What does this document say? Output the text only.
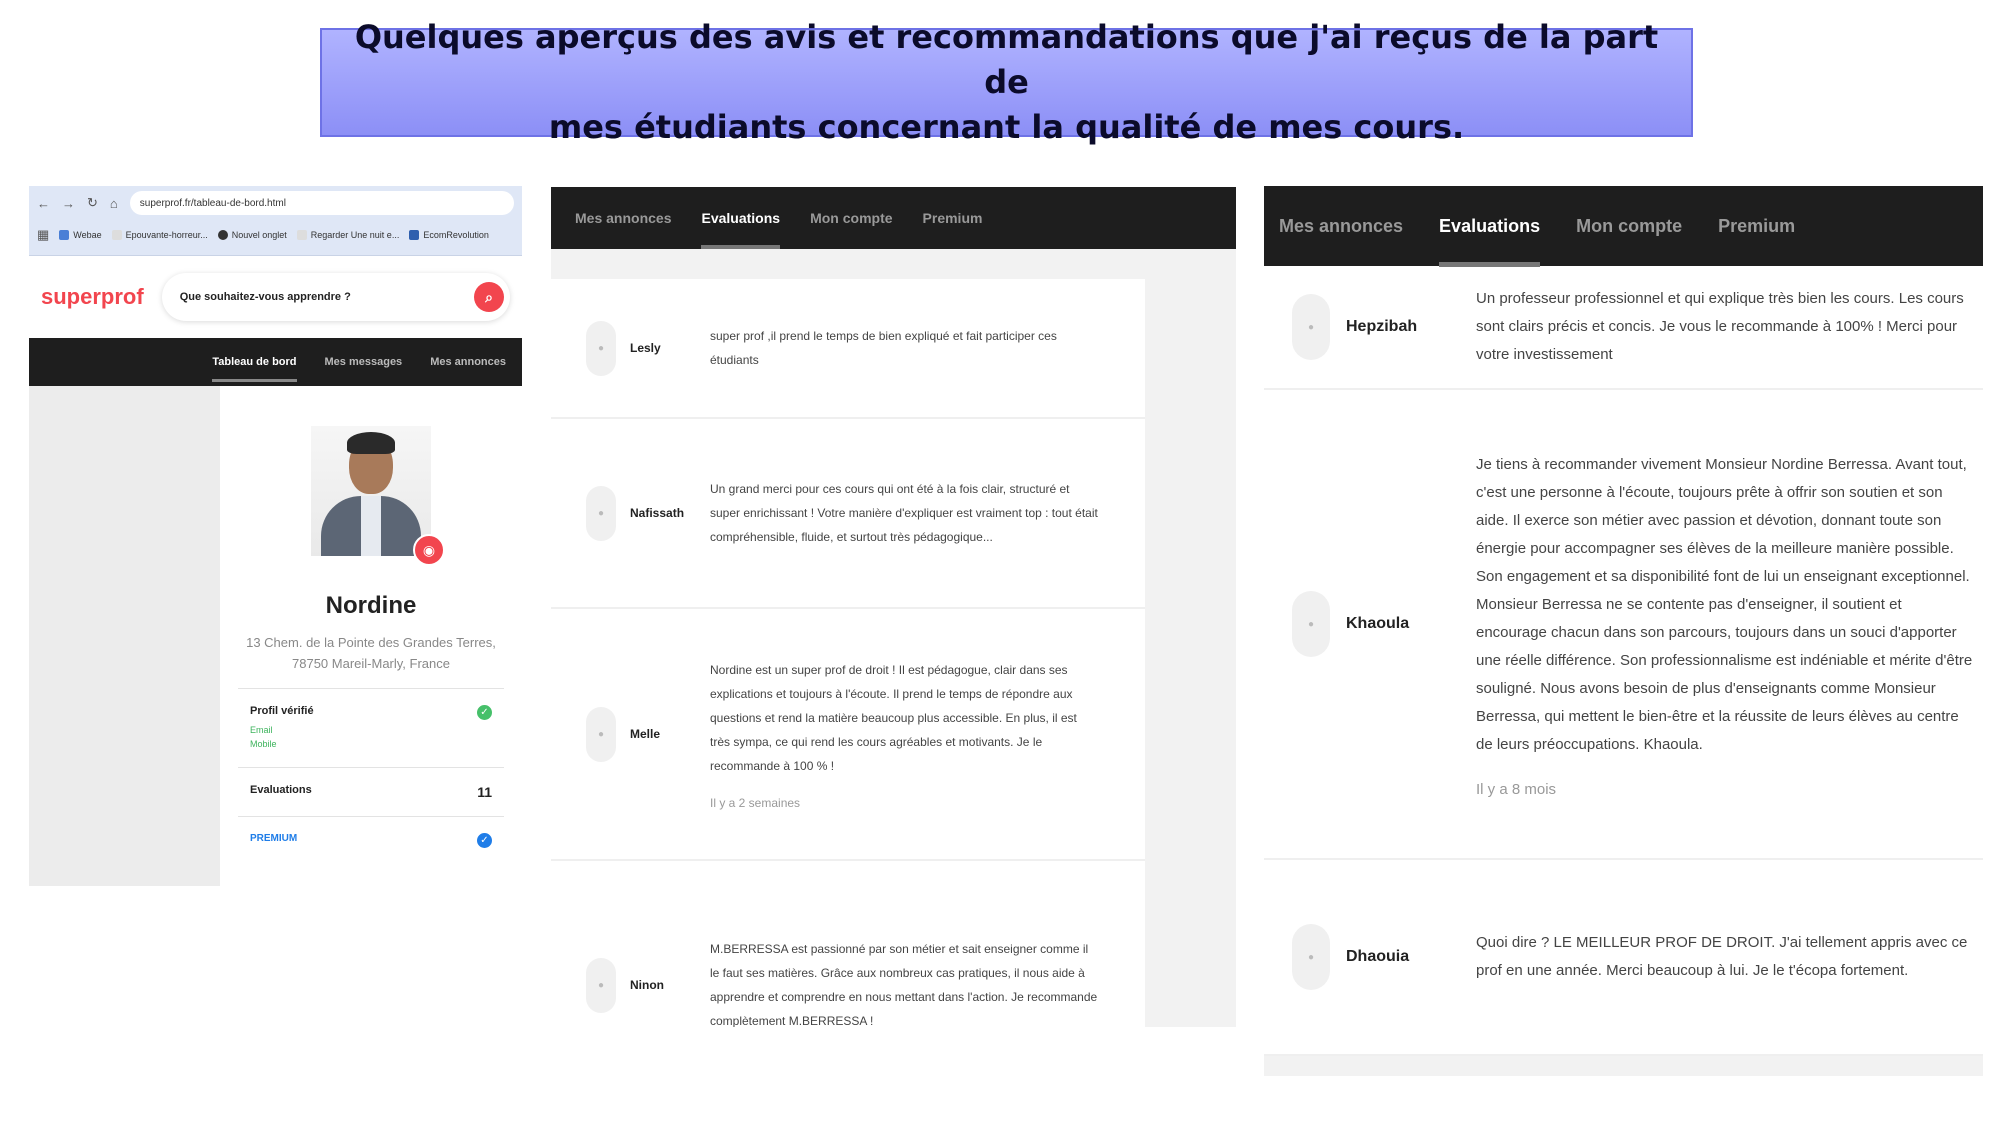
Quelques aperçus des avis et recommandations que j'ai reçus de la part de
mes étudiants concernant la qualité de mes cours.
← → ↻ ⌂ superprof.fr/tableau-de-bord.html
▦	Webae	Epouvante-horreur...	Nouvel onglet	Regarder Une nuit e...	EcomRevolution
superprof	Que souhaitez-vous apprendre ?	⌕
Tableau de bord	Mes messages	Mes annonces
◉
Nordine
13 Chem. de la Pointe des Grandes Terres, 78750 Mareil-Marly, France
Profil vérifié
Email
Mobile
✓
Evaluations	11
PREMIUM	✓
Mes annonces Evaluations Mon compte Premium
●	Lesly
super prof ,il prend le temps de bien expliqué et fait participer ces étudiants
●	Nafissath
Un grand merci pour ces cours qui ont été à la fois clair, structuré et super enrichissant ! Votre manière d'expliquer est vraiment top : tout était compréhensible, fluide, et surtout très pédagogique...
●	Melle
Nordine est un super prof de droit ! Il est pédagogue, clair dans ses explications et toujours à l'écoute. Il prend le temps de répondre aux questions et rend la matière beaucoup plus accessible. En plus, il est très sympa, ce qui rend les cours agréables et motivants. Je le recommande à 100 % !
Il y a 2 semaines
●	Ninon
M.BERRESSA est passionné par son métier et sait enseigner comme il le faut ses matières. Grâce aux nombreux cas pratiques, il nous aide à apprendre et comprendre en nous mettant dans l'action. Je recommande complètement M.BERRESSA !
Mes annonces Evaluations Mon compte Premium
●	Hepzibah
Un professeur professionnel et qui explique très bien les cours. Les cours sont clairs précis et concis. Je vous le recommande à 100% ! Merci pour votre investissement
●	Khaoula
Je tiens à recommander vivement Monsieur Nordine Berressa. Avant tout, c'est une personne à l'écoute, toujours prête à offrir son soutien et son aide. Il exerce son métier avec passion et dévotion, donnant toute son énergie pour accompagner ses élèves de la meilleure manière possible. Son engagement et sa disponibilité font de lui un enseignant exceptionnel. Monsieur Berressa ne se contente pas d'enseigner, il soutient et encourage chacun dans son parcours, toujours dans un souci d'apporter une réelle différence. Son professionnalisme est indéniable et mérite d'être souligné. Nous avons besoin de plus d'enseignants comme Monsieur Berressa, qui mettent le bien-être et la réussite de leurs élèves au centre de leurs préoccupations. Khaoula.
Il y a 8 mois
●	Dhaouia
Quoi dire ? LE MEILLEUR PROF DE DROIT. J'ai tellement appris avec ce prof en une année. Merci beaucoup à lui. Je le t'écopa fortement.
